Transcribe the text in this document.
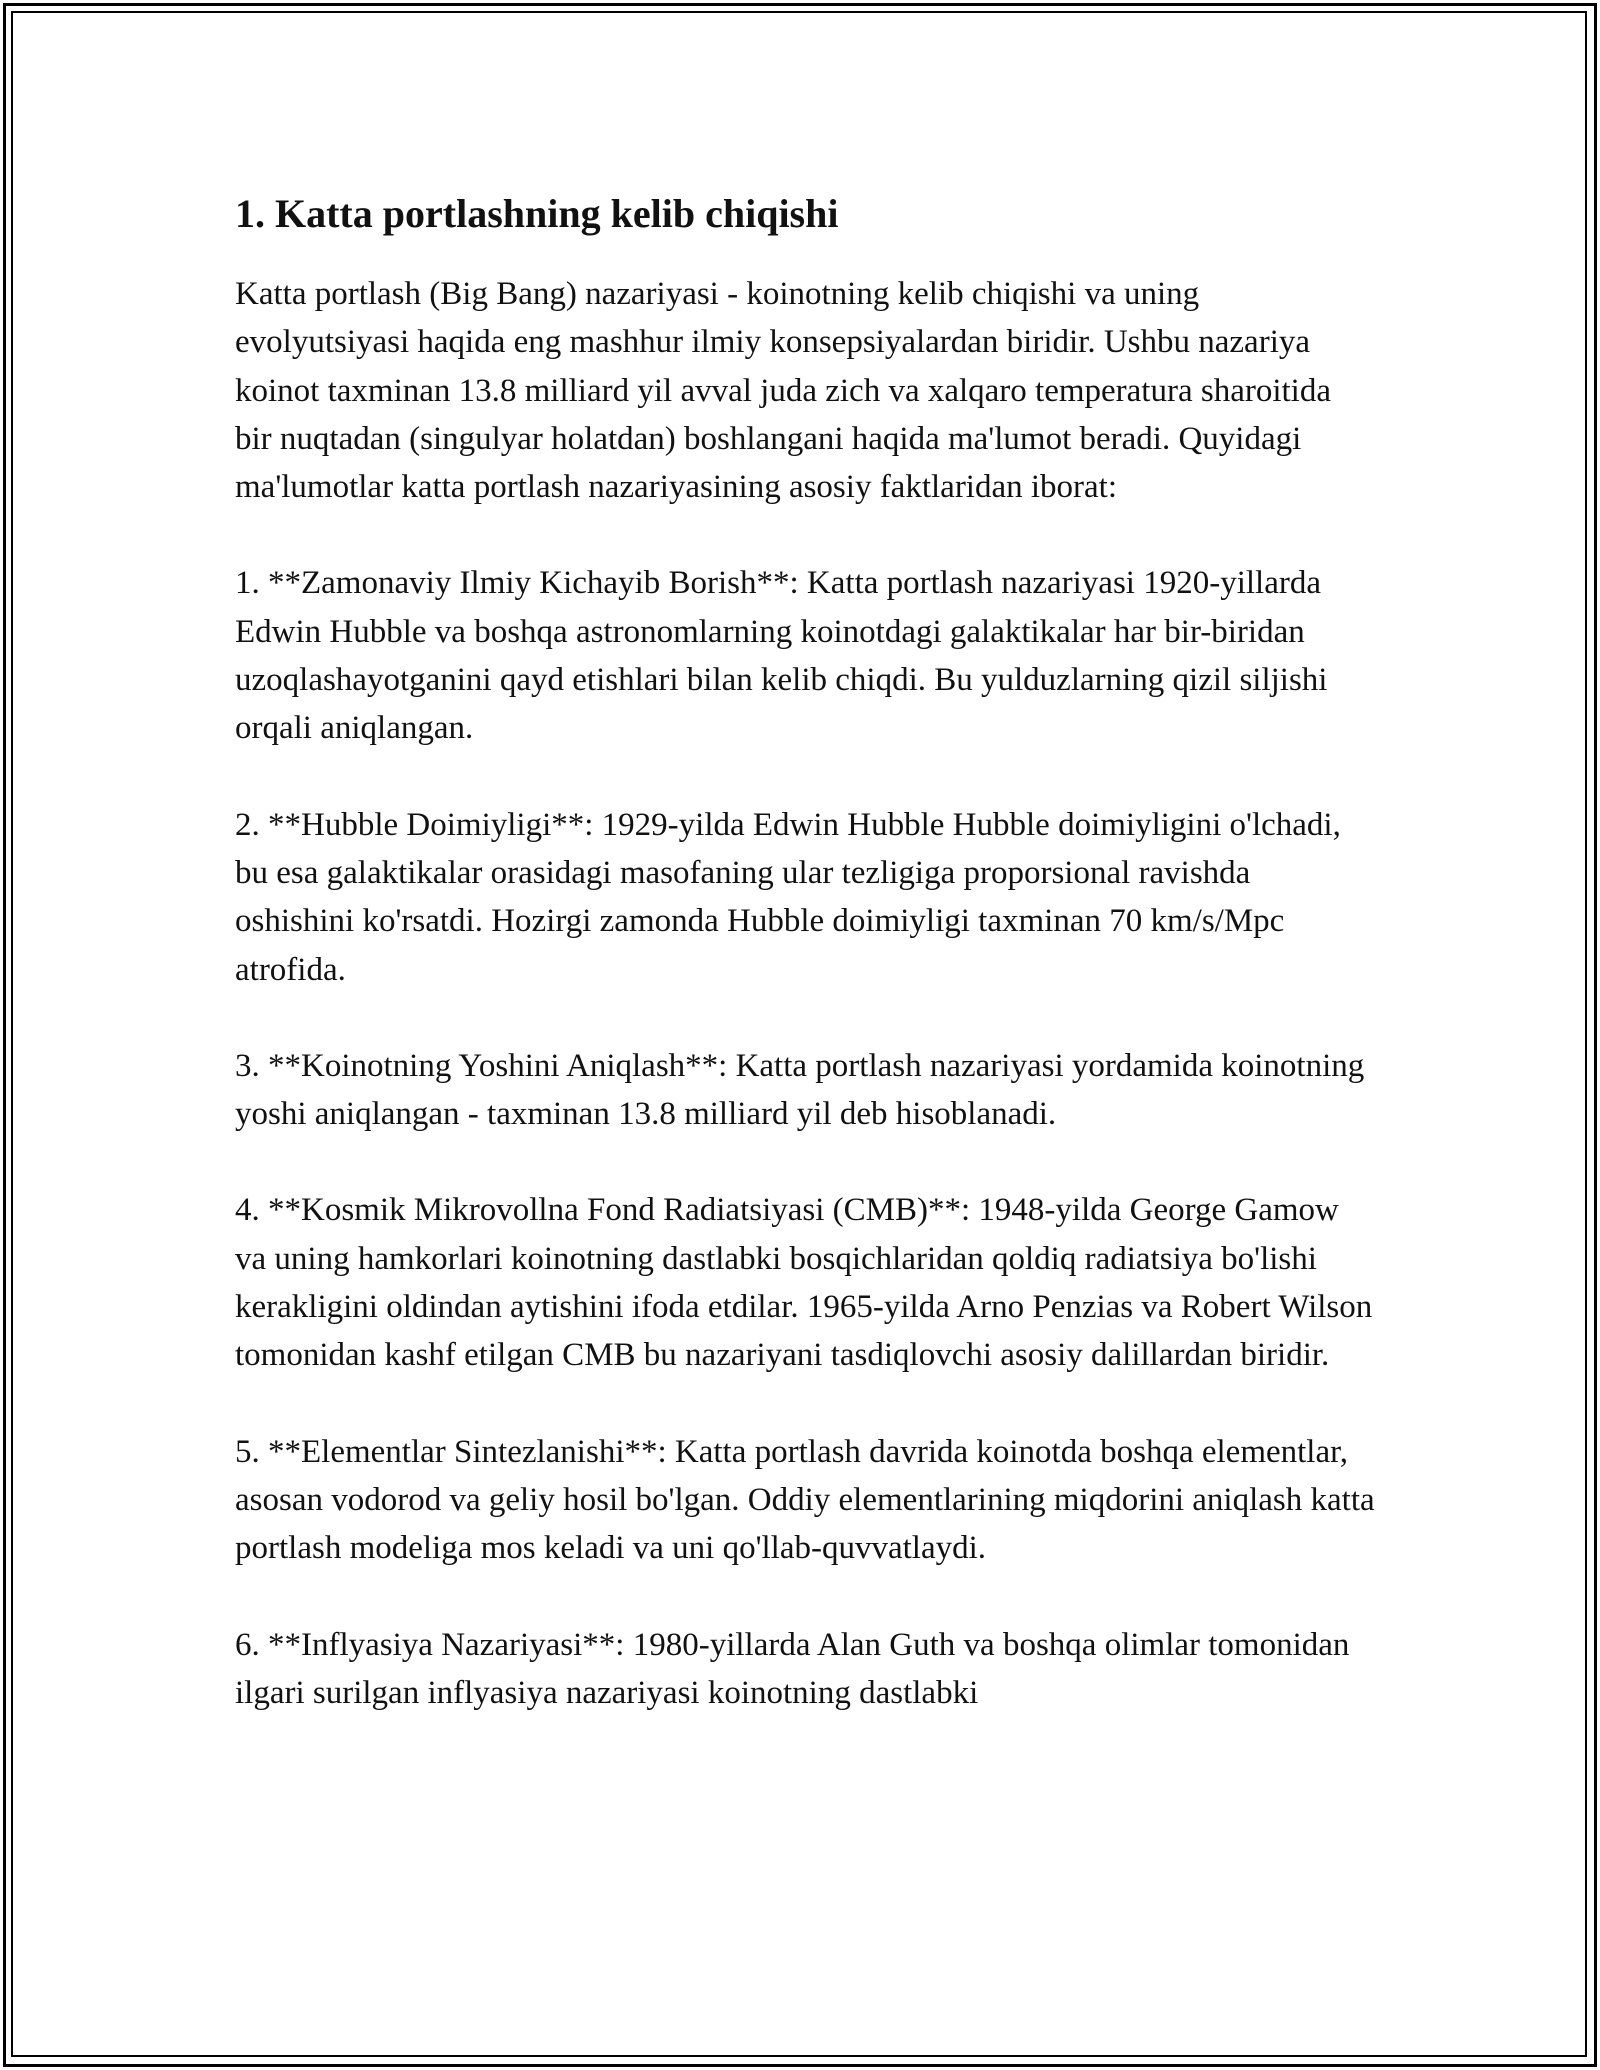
1. Katta portlashning kelib chiqishi

Katta portlash (Big Bang) nazariyasi - koinotning kelib chiqishi va uning evolyutsiyasi haqida eng mashhur ilmiy konsepsiyalardan biridir. Ushbu nazariya koinot taxminan 13.8 milliard yil avval juda zich va xalqaro temperatura sharoitida bir nuqtadan (singulyar holatdan) boshlangani haqida ma'lumot beradi. Quyidagi ma'lumotlar katta portlash nazariyasining asosiy faktlaridan iborat:

1. **Zamonaviy Ilmiy Kichayib Borish**: Katta portlash nazariyasi 1920-yillarda Edwin Hubble va boshqa astronomlarning koinotdagi galaktikalar har bir-biridan uzoqlashayotganini qayd etishlari bilan kelib chiqdi. Bu yulduzlarning qizil siljishi orqali aniqlangan.

2. **Hubble Doimiyligi**: 1929-yilda Edwin Hubble Hubble doimiyligini o'lchadi, bu esa galaktikalar orasidagi masofaning ular tezligiga proporsional ravishda oshishini ko'rsatdi. Hozirgi zamonda Hubble doimiyligi taxminan 70 km/s/Mpc atrofida.

3. **Koinotning Yoshini Aniqlash**: Katta portlash nazariyasi yordamida koinotning yoshi aniqlangan - taxminan 13.8 milliard yil deb hisoblanadi.

4. **Kosmik Mikrovollna Fond Radiatsiyasi (CMB)**: 1948-yilda George Gamow va uning hamkorlari koinotning dastlabki bosqichlaridan qoldiq radiatsiya bo'lishi kerakligini oldindan aytishini ifoda etdilar. 1965-yilda Arno Penzias va Robert Wilson tomonidan kashf etilgan CMB bu nazariyani tasdiqlovchi asosiy dalillardan biridir.

5. **Elementlar Sintezlanishi**: Katta portlash davrida koinotda boshqa elementlar, asosan vodorod va geliy hosil bo'lgan. Oddiy elementlarining miqdorini aniqlash katta portlash modeliga mos keladi va uni qo'llab-quvvatlaydi.

6. **Inflyasiya Nazariyasi**: 1980-yillarda Alan Guth va boshqa olimlar tomonidan ilgari surilgan inflyasiya nazariyasi koinotning dastlabki
